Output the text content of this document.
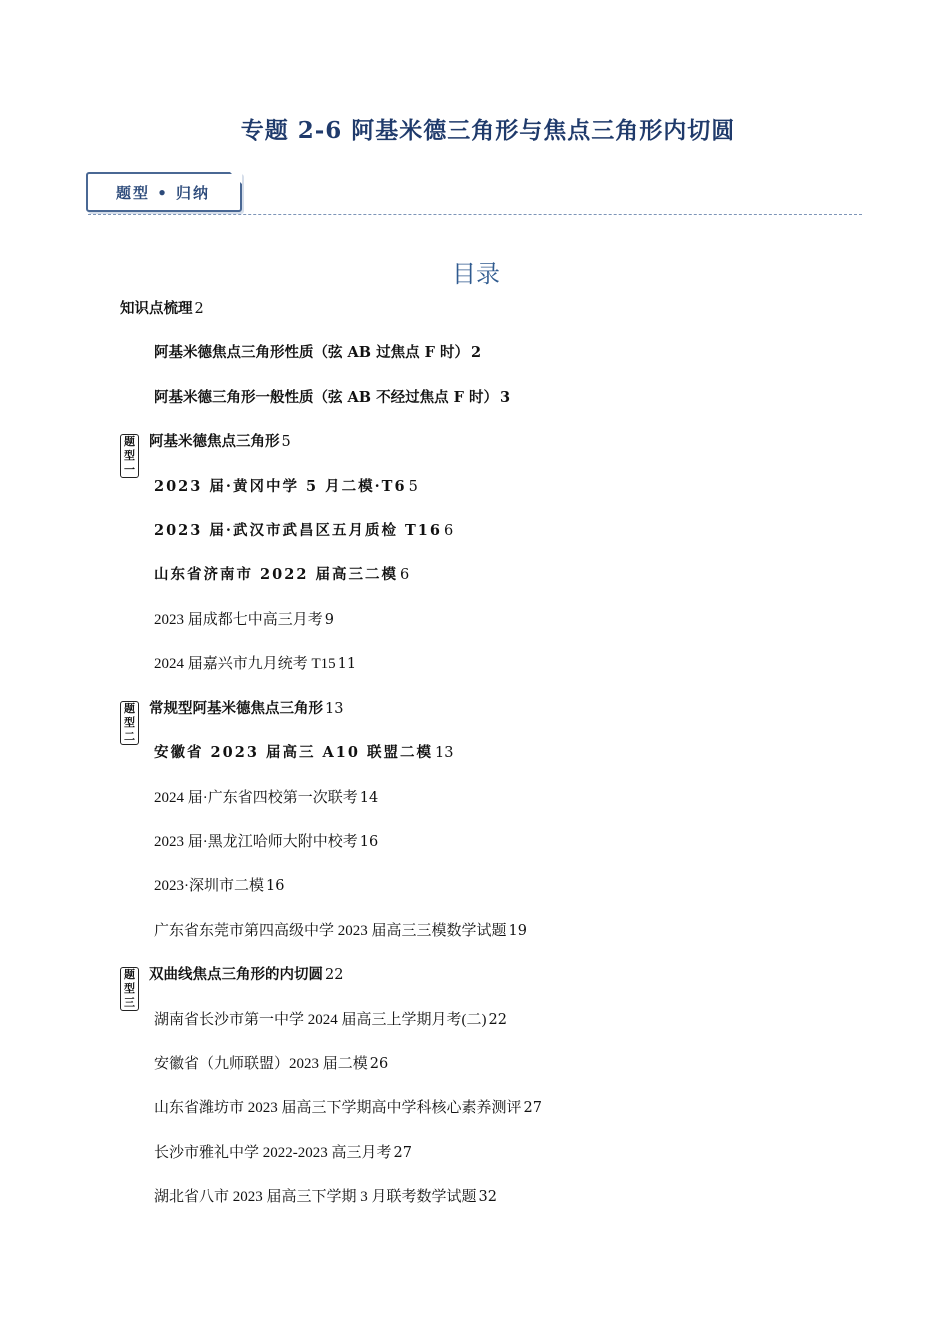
专题 2-6 阿基米德三角形与焦点三角形内切圆
题型 • 归纳
目录
知识点梳理 2
阿基米德焦点三角形性质（弦 AB 过焦点 F 时） 2
阿基米德三角形一般性质（弦 AB 不经过焦点 F 时） 3
题型一
阿基米德焦点三角形 5
2023 届·黄冈中学 5 月二模·T6 5
2023 届·武汉市武昌区五月质检 T16 6
山东省济南市 2022 届高三二模 6
2023 届成都七中高三月考 9
2024 届嘉兴市九月统考 T15 11
题型二
常规型阿基米德焦点三角形 13
安徽省 2023 届高三 A10 联盟二模 13
2024 届·广东省四校第一次联考 14
2023 届·黑龙江哈师大附中校考 16
2023·深圳市二模 16
广东省东莞市第四高级中学 2023 届高三三模数学试题 19
题型三
双曲线焦点三角形的内切圆 22
湖南省长沙市第一中学 2024 届高三上学期月考(二) 22
安徽省（九师联盟）2023 届二模 26
山东省潍坊市 2023 届高三下学期高中学科核心素养测评 27
长沙市雅礼中学 2022-2023 高三月考 27
湖北省八市 2023 届高三下学期 3 月联考数学试题 32
